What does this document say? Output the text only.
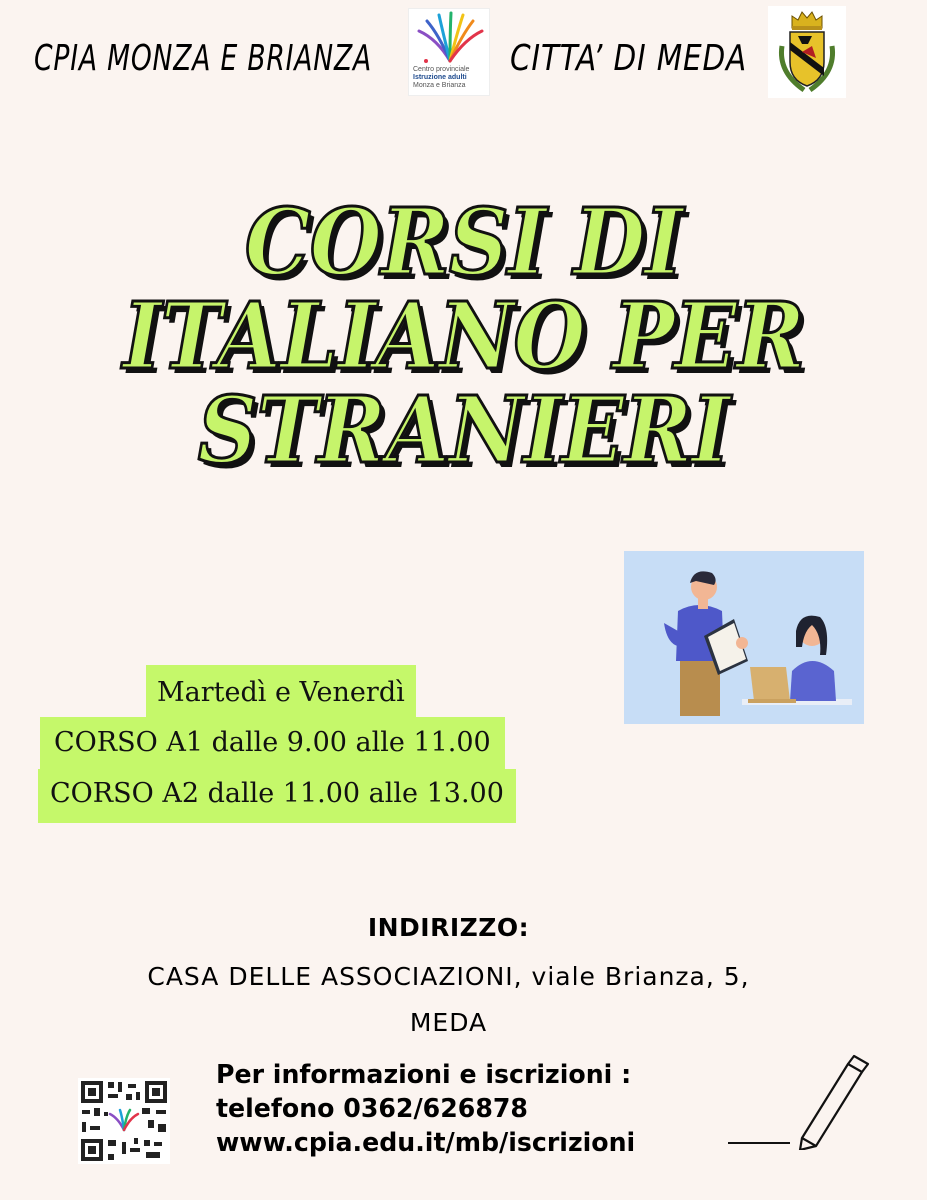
CPIA MONZA E BRIANZA	Centro provinciale
Istruzione adulti
Monza e Brianza
CITTA’ DI MEDA
CORSI DI
ITALIANO PER
STRANIERI
Martedì e Venerdì
CORSO A1 dalle 9.00 alle 11.00
CORSO A2 dalle 11.00 alle 13.00
INDIRIZZO:
CASA DELLE ASSOCIAZIONI, viale Brianza, 5,
MEDA
Per informazioni e iscrizioni :
telefono 0362/626878
www.cpia.edu.it/mb/iscrizioni
